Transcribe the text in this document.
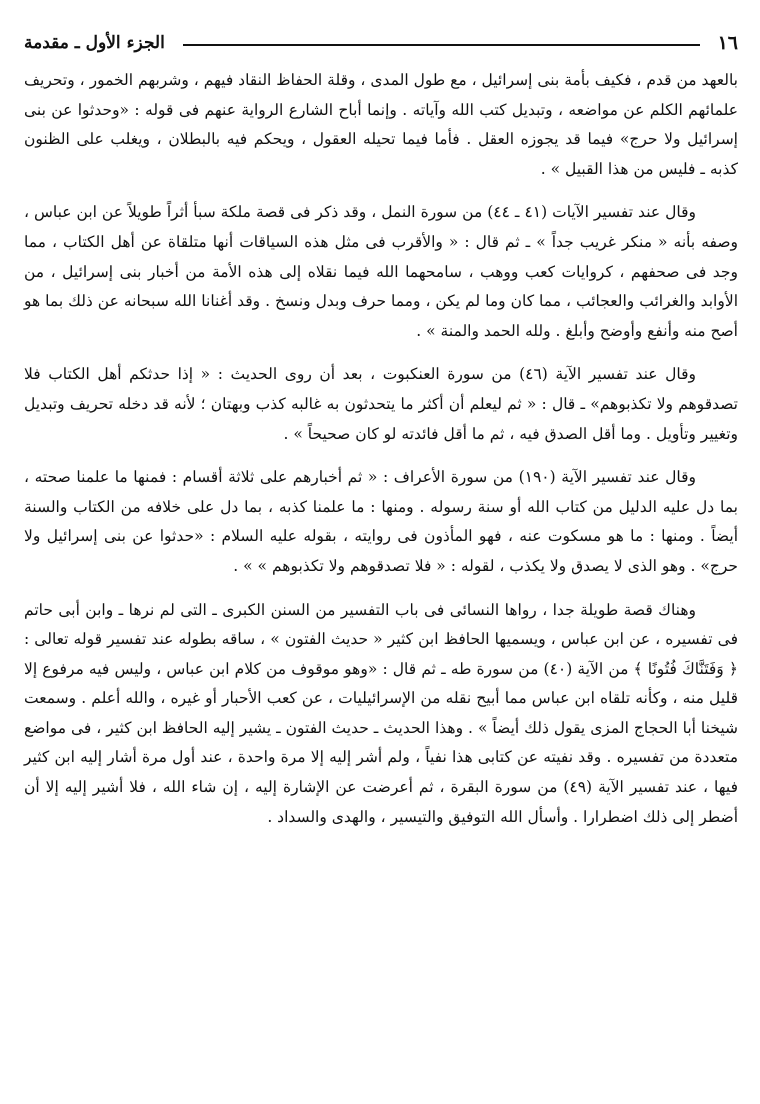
١٦
الجزء الأول ـ مقدمة

بالعهد من قدم ، فكيف بأمة بنى إسرائيل ، مع طول المدى ، وقلة الحفاظ النقاد فيهم ، وشربهم الخمور ، وتحريف علمائهم الكلم عن مواضعه ، وتبديل كتب الله وآياته . وإنما أباح الشارع الرواية عنهم فى قوله : «وحدثوا عن بنى إسرائيل ولا حرج» فيما قد يجوزه العقل . فأما فيما تحيله العقول ، ويحكم فيه بالبطلان ، ويغلب على الظنون كذبه ـ فليس من هذا القبيل » .

وقال عند تفسير الآيات (٤١ ـ ٤٤) من سورة النمل ، وقد ذكر فى قصة ملكة سبأ أثراً طويلاً عن ابن عباس ، وصفه بأنه « منكر غريب جداً » ـ ثم قال : « والأقرب فى مثل هذه السياقات أنها متلقاة عن أهل الكتاب ، مما وجد فى صحفهم ، كروايات كعب ووهب ، سامحهما الله فيما نقلاه إلى هذه الأمة من أخبار بنى إسرائيل ، من الأوابد والغرائب والعجائب ، مما كان وما لم يكن ، ومما حرف وبدل ونسخ . وقد أغنانا الله سبحانه عن ذلك بما هو أصح منه وأنفع وأوضح وأبلغ . ولله الحمد والمنة » .

وقال عند تفسير الآية (٤٦) من سورة العنكبوت ، بعد أن روى الحديث : « إذا حدثكم أهل الكتاب فلا تصدقوهم ولا تكذبوهم» ـ قال : « ثم ليعلم أن أكثر ما يتحدثون به غالبه كذب وبهتان ؛ لأنه قد دخله تحريف وتبديل وتغيير وتأويل . وما أقل الصدق فيه ، ثم ما أقل فائدته لو كان صحيحاً » .

وقال عند تفسير الآية (١٩٠) من سورة الأعراف : « ثم أخبارهم على ثلاثة أقسام : فمنها ما علمنا صحته ، بما دل عليه الدليل من كتاب الله أو سنة رسوله . ومنها : ما علمنا كذبه ، بما دل على خلافه من الكتاب والسنة أيضاً . ومنها : ما هو مسكوت عنه ، فهو المأذون فى روايته ، بقوله عليه السلام : «حدثوا عن بنى إسرائيل ولا حرج» . وهو الذى لا يصدق ولا يكذب ، لقوله : « فلا تصدقوهم ولا تكذبوهم » » .

وهناك قصة طويلة جدا ، رواها النسائى فى باب التفسير من السنن الكبرى ـ التى لم نرها ـ وابن أبى حاتم فى تفسيره ، عن ابن عباس ، ويسميها الحافظ ابن كثير « حديث الفتون » ، ساقه بطوله عند تفسير قوله تعالى : ﴿ وَفَتَنَّاكَ فُتُونًا ﴾ من الآية (٤٠) من سورة طه ـ ثم قال : «وهو موقوف من كلام ابن عباس ، وليس فيه مرفوع إلا قليل منه ، وكأنه تلقاه ابن عباس مما أبيح نقله من الإسرائيليات ، عن كعب الأحبار أو غيره ، والله أعلم . وسمعت شيخنا أبا الحجاج المزى يقول ذلك أيضاً » . وهذا الحديث ـ حديث الفتون ـ يشير إليه الحافظ ابن كثير ، فى مواضع متعددة من تفسيره . وقد نفيته عن كتابى هذا نفياً ، ولم أشر إليه إلا مرة واحدة ، عند أول مرة أشار إليه ابن كثير فيها ، عند تفسير الآية (٤٩) من سورة البقرة ، ثم أعرضت عن الإشارة إليه ، إن شاء الله ، فلا أشير إليه إلا أن أضطر إلى ذلك اضطرارا . وأسأل الله التوفيق والتيسير ، والهدى والسداد .
